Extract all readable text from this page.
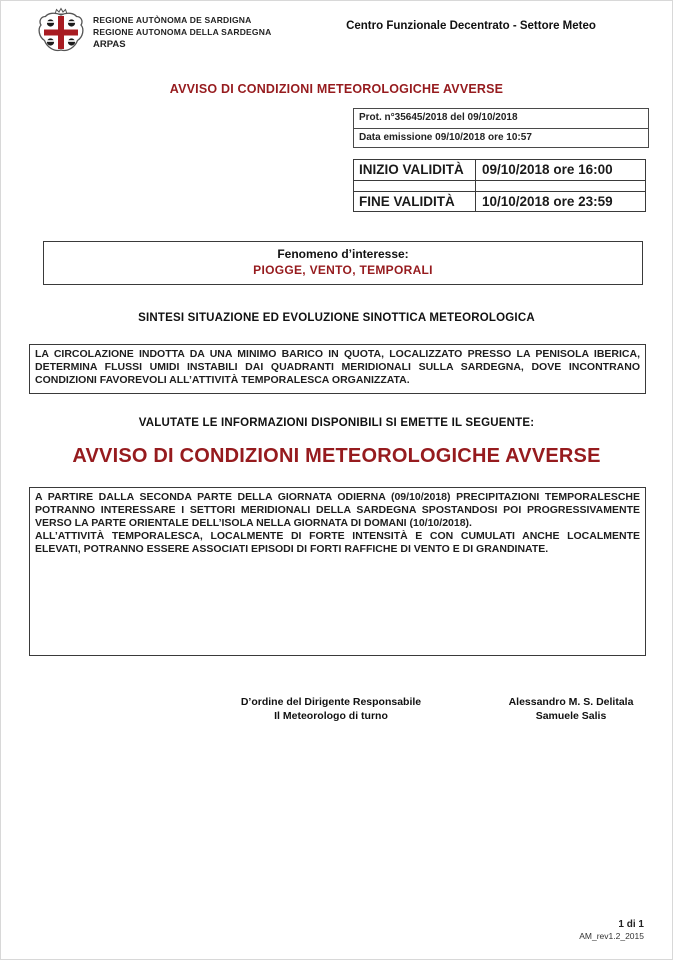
REGIONE AUTÒNOMA DE SARDIGNA
REGIONE AUTONOMA DELLA SARDEGNA
ARPAS
Centro Funzionale Decentrato - Settore Meteo
AVVISO DI CONDIZIONI METEOROLOGICHE AVVERSE
Prot. n°35645/2018 del 09/10/2018
Data emissione 09/10/2018 ore 10:57
INIZIO VALIDITÀ	09/10/2018 ore 16:00
FINE VALIDITÀ	10/10/2018 ore 23:59
Fenomeno d’interesse:
PIOGGE, VENTO, TEMPORALI
SINTESI SITUAZIONE ED EVOLUZIONE SINOTTICA METEOROLOGICA
LA CIRCOLAZIONE INDOTTA DA UNA MINIMO BARICO IN QUOTA, LOCALIZZATO PRESSO LA PENISOLA IBERICA, DETERMINA FLUSSI UMIDI INSTABILI DAI QUADRANTI MERIDIONALI SULLA SARDEGNA, DOVE INCONTRANO CONDIZIONI FAVOREVOLI ALL’ATTIVITÀ TEMPORALESCA ORGANIZZATA.
VALUTATE LE INFORMAZIONI DISPONIBILI SI EMETTE IL SEGUENTE:
AVVISO DI CONDIZIONI METEOROLOGICHE AVVERSE
A PARTIRE DALLA SECONDA PARTE DELLA GIORNATA ODIERNA (09/10/2018) PRECIPITAZIONI TEMPORALESCHE POTRANNO INTERESSARE I SETTORI MERIDIONALI DELLA SARDEGNA SPOSTANDOSI POI PROGRESSIVAMENTE VERSO LA PARTE ORIENTALE DELL’ISOLA NELLA GIORNATA DI DOMANI (10/10/2018).
ALL’ATTIVITÀ TEMPORALESCA, LOCALMENTE DI FORTE INTENSITÀ E CON CUMULATI ANCHE LOCALMENTE ELEVATI, POTRANNO ESSERE ASSOCIATI EPISODI DI FORTI RAFFICHE DI VENTO E DI GRANDINATE.
D’ordine del Dirigente Responsabile
Il Meteorologo di turno
Alessandro M. S. Delitala
Samuele Salis
1 di 1
AM_rev1.2_2015
